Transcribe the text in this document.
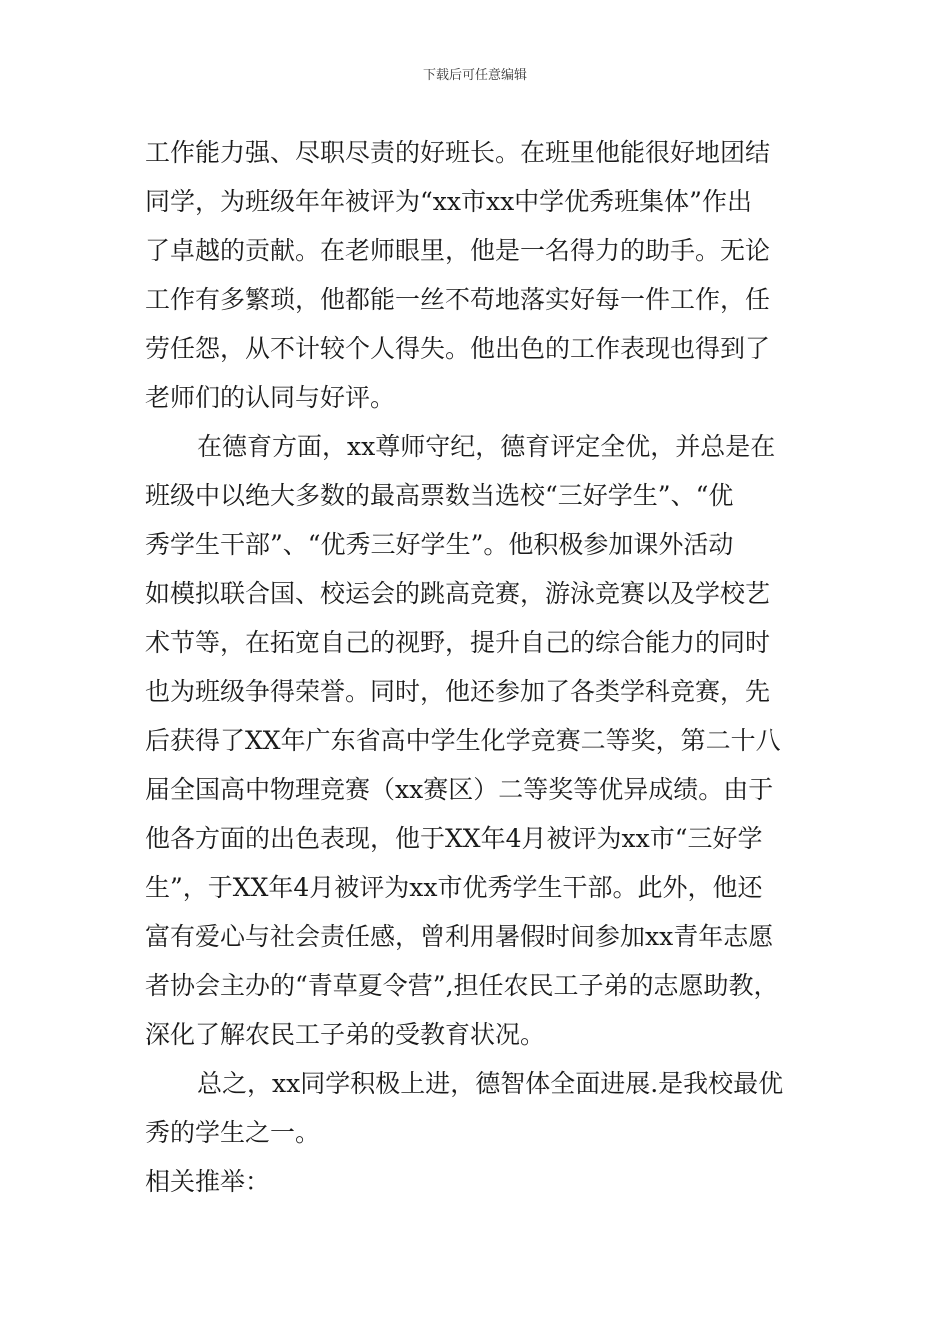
下载后可任意编辑
工作能力强、尽职尽责的好班长。在班里他能很好地团结
同学，为班级年年被评为“xx市xx中学优秀班集体”作出
了卓越的贡献。在老师眼里，他是一名得力的助手。无论
工作有多繁琐，他都能一丝不苟地落实好每一件工作，任
劳任怨，从不计较个人得失。他出色的工作表现也得到了
老师们的认同与好评。
在德育方面，xx尊师守纪，德育评定全优，并总是在
班级中以绝大多数的最高票数当选校“三好学生”、“优
秀学生干部”、“优秀三好学生”。他积极参加课外活动
如模拟联合国、校运会的跳高竞赛，游泳竞赛以及学校艺
术节等，在拓宽自己的视野，提升自己的综合能力的同时
也为班级争得荣誉。同时，他还参加了各类学科竞赛，先
后获得了XX年广东省高中学生化学竞赛二等奖，第二十八
届全国高中物理竞赛（xx赛区）二等奖等优异成绩。由于
他各方面的出色表现，他于XX年4月被评为xx市“三好学
生”，于XX年4月被评为xx市优秀学生干部。此外，他还
富有爱心与社会责任感，曾利用暑假时间参加xx青年志愿
者协会主办的“青草夏令营”,担任农民工子弟的志愿助教，
深化了解农民工子弟的受教育状况。
总之，xx同学积极上进，德智体全面进展.是我校最优
秀的学生之一。
相关推举：
